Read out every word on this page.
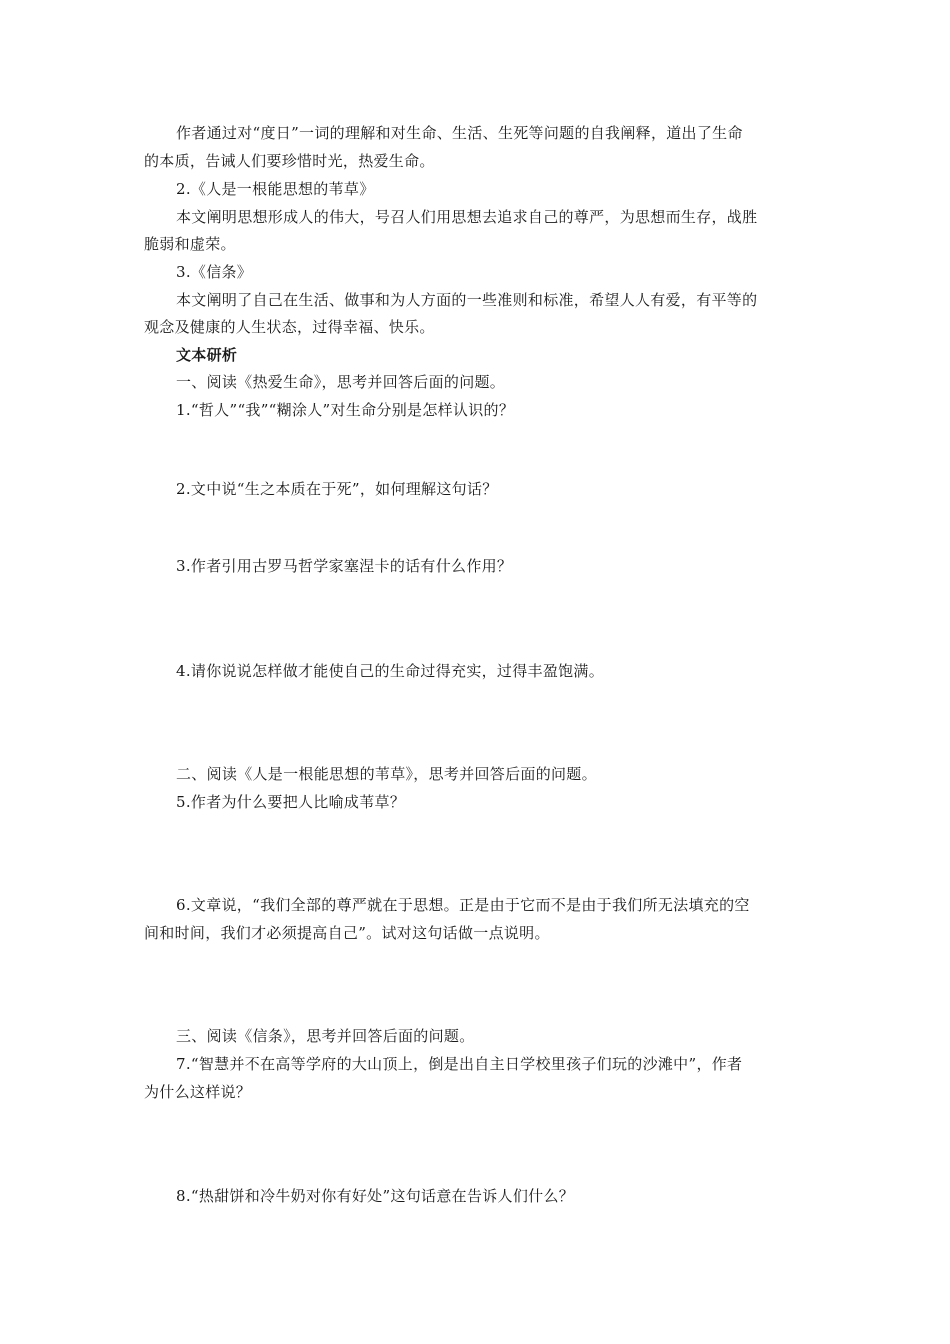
作者通过对“度日”一词的理解和对生命、生活、生死等问题的自我阐释，道出了生命
的本质，告诫人们要珍惜时光，热爱生命。
2.《人是一根能思想的苇草》
本文阐明思想形成人的伟大，号召人们用思想去追求自己的尊严，为思想而生存，战胜
脆弱和虚荣。
3.《信条》
本文阐明了自己在生活、做事和为人方面的一些准则和标准，希望人人有爱，有平等的
观念及健康的人生状态，过得幸福、快乐。
文本研析
一、阅读《热爱生命》，思考并回答后面的问题。
1.“哲人”“我”“糊涂人”对生命分别是怎样认识的？
2.文中说“生之本质在于死”，如何理解这句话？
3.作者引用古罗马哲学家塞涅卡的话有什么作用？
4.请你说说怎样做才能使自己的生命过得充实，过得丰盈饱满。
二、阅读《人是一根能思想的苇草》，思考并回答后面的问题。
5.作者为什么要把人比喻成苇草？
6.文章说，“我们全部的尊严就在于思想。正是由于它而不是由于我们所无法填充的空
间和时间，我们才必须提高自己”。试对这句话做一点说明。
三、阅读《信条》，思考并回答后面的问题。
7.“智慧并不在高等学府的大山顶上，倒是出自主日学校里孩子们玩的沙滩中”，作者
为什么这样说？
8.“热甜饼和冷牛奶对你有好处”这句话意在告诉人们什么？
